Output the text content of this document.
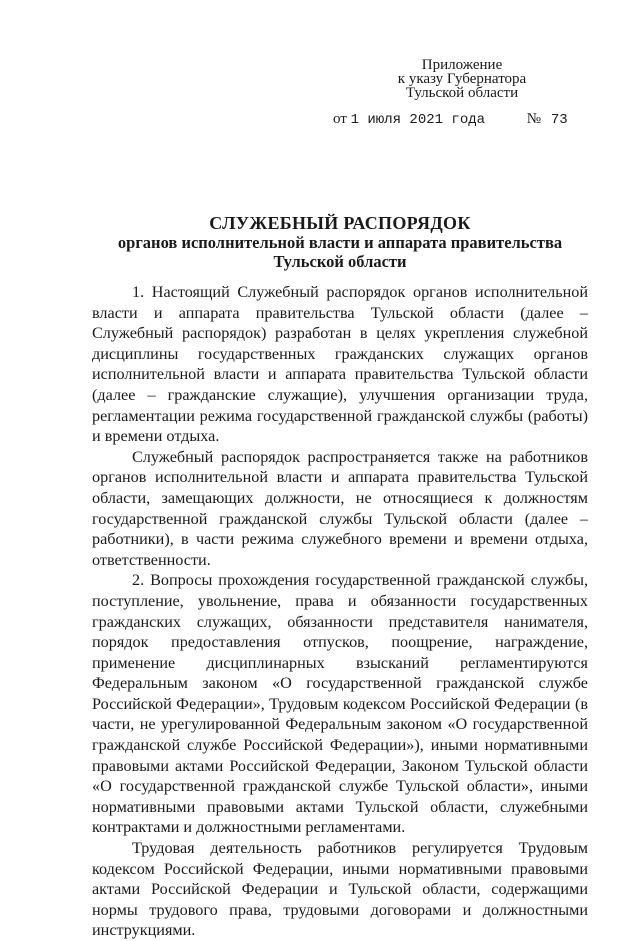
Приложение
к указу Губернатора
Тульской области
от 1 июля 2021 года	№ 73
СЛУЖЕБНЫЙ РАСПОРЯДОК
органов исполнительной власти и аппарата правительства
Тульской области

1. Настоящий Служебный распорядок органов исполнительной власти и аппарата правительства Тульской области (далее – Служебный распорядок) разработан в целях укрепления служебной дисциплины государственных гражданских служащих органов исполнительной власти и аппарата правительства Тульской области (далее – гражданские служащие), улучшения организации труда, регламентации режима государственной гражданской службы (работы) и времени отдыха.

Служебный распорядок распространяется также на работников органов исполнительной власти и аппарата правительства Тульской области, замещающих должности, не относящиеся к должностям государственной гражданской службы Тульской области (далее – работники), в части режима служебного времени и времени отдыха, ответственности.

2. Вопросы прохождения государственной гражданской службы, поступление, увольнение, права и обязанности государственных гражданских служащих, обязанности представителя нанимателя, порядок предоставления отпусков, поощрение, награждение, применение дисциплинарных взысканий регламентируются Федеральным законом «О государственной гражданской службе Российской Федерации», Трудовым кодексом Российской Федерации (в части, не урегулированной Федеральным законом «О государственной гражданской службе Российской Федерации»), иными нормативными правовыми актами Российской Федерации, Законом Тульской области «О государственной гражданской службе Тульской области», иными нормативными правовыми актами Тульской области, служебными контрактами и должностными регламентами.

Трудовая деятельность работников регулируется Трудовым кодексом Российской Федерации, иными нормативными правовыми актами Российской Федерации и Тульской области, содержащими нормы трудового права, трудовыми договорами и должностными инструкциями.
